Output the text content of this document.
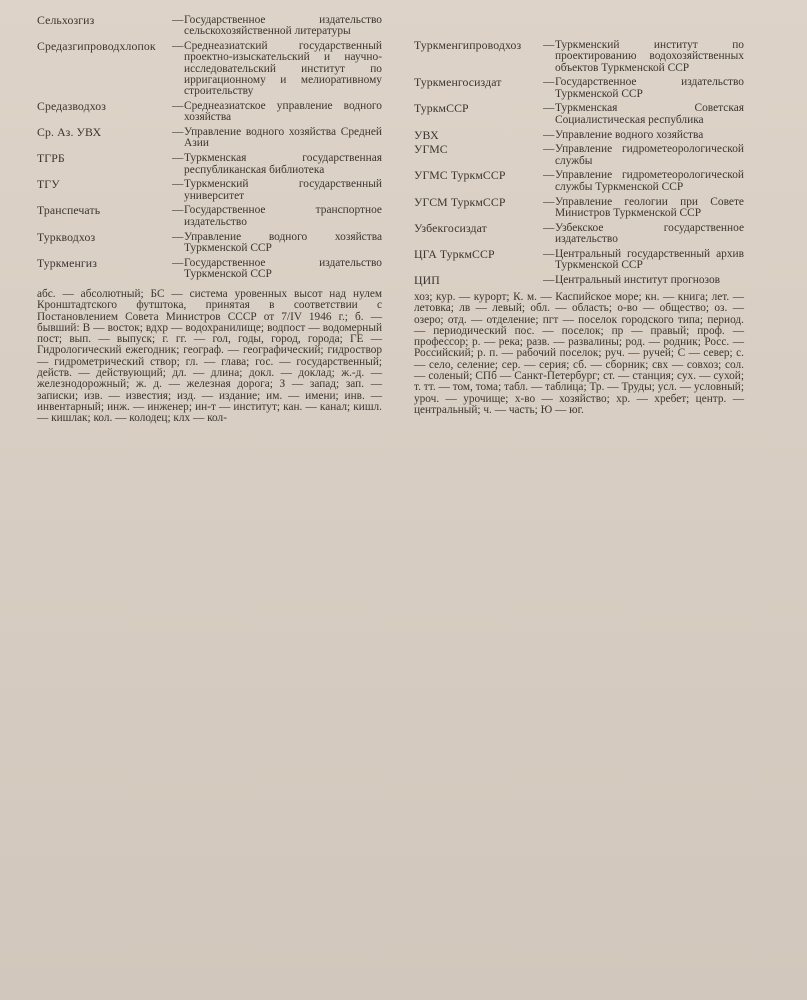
Сельхозгиз	— Государственное издательство сельскохозяйственной литературы
Средазгипроводхлопок	— Среднеазиатский государственный проектно-изыскательский и научно-исследовательский институт по ирригационному и мелиоративному строительству
Средазводхоз	— Среднеазиатское управление водного хозяйства
Ср. Аз. УВХ	— Управление водного хозяйства Средней Азии
ТГРБ	— Туркменская государственная республиканская библиотека
ТГУ	— Туркменский государственный университет
Транспечать	— Государственное транспортное издательство
Туркводхоз	— Управление водного хозяйства Туркменской ССР
Туркменгиз	— Государственное издательство Туркменской ССР
Туркменгипроводхоз	— Туркменский институт по проектированию водохозяйственных объектов Туркменской ССР
Туркменгосиздат	— Государственное издательство Туркменской ССР
ТуркмССР	— Туркменская Советская Социалистическая республика
УВХ	— Управление водного хозяйства
УГМС	— Управление гидрометеорологической службы
УГМС ТуркмССР	— Управление гидрометеорологической службы Туркменской ССР
УГСМ ТуркмССР	— Управление геологии при Совете Министров Туркменской ССР
Узбекгосиздат	— Узбекское государственное издательство
ЦГА ТуркмССР	— Центральный государственный архив Туркменской ССР
ЦИП	— Центральный институт прогнозов
абс. — абсолютный; БС — система уровенных высот над нулем Кронштадтского футштока, принятая в соответствии с Постановлением Совета Министров СССР от 7/IV 1946 г.; б. — бывший: В — восток; вдхр — водохранилище; водпост — водомерный пост; вып. — выпуск; г. гг. — гол, годы, город, города; ГЕ — Гидрологический ежегодник; географ. — географический; гидроствор — гидрометрический створ; гл. — глава; гос. — государственный; действ. — действующий; дл. — длина; докл. — доклад; ж.-д. — железнодорожный; ж. д. — железная дорога; З — запад; зап. — записки; изв. — известия; изд. — издание; им. — имени; инв. — инвентарный; инж. — инженер; ин-т — институт; кан. — канал; кишл. — кишлак; кол. — колодец; клх — кол-
хоз; кур. — курорт; К. м. — Каспийское море; кн. — книга; лет. — летовка; лв — левый; обл. — область; о-во — общество; оз. — озеро; отд. — отделение; пгт — поселок городского типа; период. — периодический пос. — поселок; пр — правый; проф. — профессор; р. — река; разв. — развалины; род. — родник; Росс. — Российский; р. п. — рабочий поселок; руч. — ручей; С — север; с. — село, селение; сер. — серия; сб. — сборник; свх — совхоз; сол. — соленый; СПб — Санкт-Петербург; ст. — станция; сух. — сухой; т. тт. — том, тома; табл. — таблица; Тр. — Труды; усл. — условный; уроч. — урочище; х-во — хозяйство; хр. — хребет; центр. — центральный; ч. — часть; Ю — юг.
